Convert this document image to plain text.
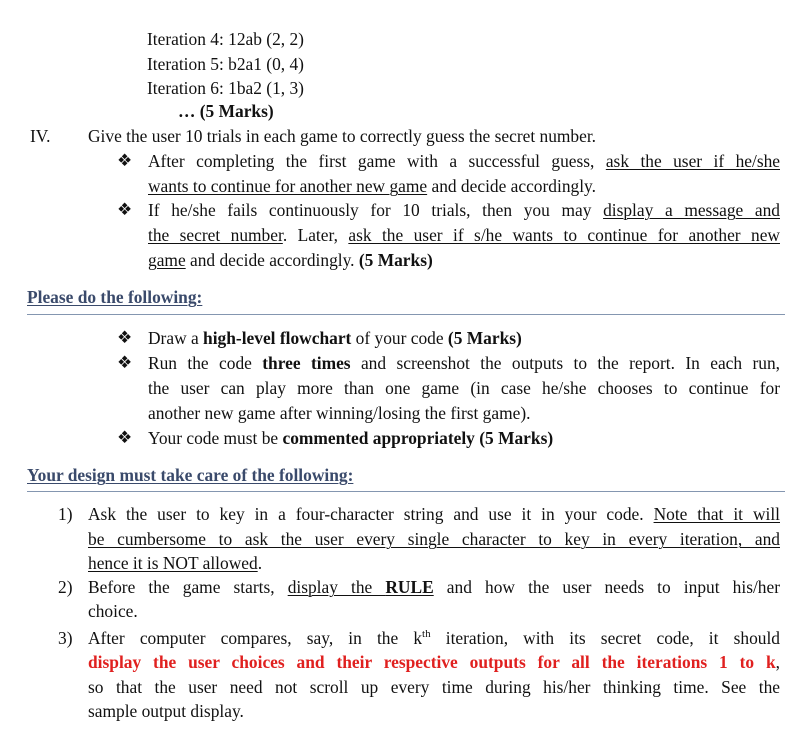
Iteration 4: 12ab (2, 2)
Iteration 5: b2a1 (0, 4)
Iteration 6: 1ba2 (1, 3)
… (5 Marks)
IV. Give the user 10 trials in each game to correctly guess the secret number.
❖ After completing the first game with a successful guess, ask the user if he/she
wants to continue for another new game and decide accordingly.
❖ If he/she fails continuously for 10 trials, then you may display a message and
the secret number. Later, ask the user if s/he wants to continue for another new
game and decide accordingly. (5 Marks)
Please do the following:
❖ Draw a high-level flowchart of your code (5 Marks)
❖ Run the code three times and screenshot the outputs to the report. In each run,
the user can play more than one game (in case he/she chooses to continue for
another new game after winning/losing the first game).
❖ Your code must be commented appropriately (5 Marks)
Your design must take care of the following:
1) Ask the user to key in a four-character string and use it in your code. Note that it will
be cumbersome to ask the user every single character to key in every iteration, and
hence it is NOT allowed.
2) Before the game starts, display the RULE and how the user needs to input his/her
choice.
3) After computer compares, say, in the $k^{th}$ iteration, with its secret code, it should
display the user choices and their respective outputs for all the iterations 1 to k,
so that the user need not scroll up every time during his/her thinking time. See the
sample output display.
